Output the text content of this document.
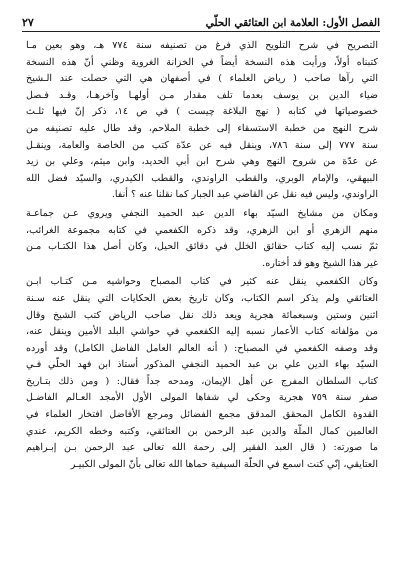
الفصل الأول: العلامة ابن العتائقي الحلّي
٢٧
التصريح في شرح التلويح الذي فرغ من تصنيفه سنة ٧٧٤ هـ، وهو بعين مـا
كتبناه أولاً، ورأيت هذه النسخة أيضاً في الخزانة الغروية وظني أنّ هذه النسخة
التي رآها صاحب ( رياض العلماء ) في أصفهان هي التي حصلت عند الـشيخ
ضياء الدين بن يوسف بعدما تلف مقدار مـن أولهـا وآخرهـا، وقـد فـصل
خصوصياتها في كتابه ( نهج البلاغة چيست ) في ص ١٤، ذكر إنّ فيها ثلـث
شرح النهج من خطبة الاستسقاء إلى خطبة الملاحم، وقد طال عليه تصنيفه من
سنة ٧٧٧ إلى سنة ٧٨٦، وينقل فيه عن عدّة كتب من الخاصة والعامة، وينقـل
عن عدّة من شروح النهج وهي شرح ابن أبي الحديد، وابن ميثم، وعلي بن زيد
البيهقي، والإمام الوبري، والقطب الراوندي، والقطب الكيدري، والسيّد فضل الله
الراوندي، وليس فيه نقل عن القاضي عبد الجبار كما نقلنا عنه ؟ أنفا.
ومكان من مشايخ السيّد بهاء الدين عبد الحميد النجفي ويروي عـن جماعـة
منهم الزهري أو ابن الزهري، وقد ذكره الكفعمي في كتابه مجموعة الغرائب،
ثمّ نسب إليه كتاب حقائق الخلل في دقائق الحيل، وكان أصل هذا الكتـاب مـن
غير هذا الشيخ وهو قد أختاره.
وكان الكفعمي ينقل عنه كثير في كتاب المصباح وحواشيه مـن كتـاب ابـن
العتائقي ولم يذكر اسم الكتاب، وكان تاريخ بعض الحكايات التي ينقل عنه سـنة
اثنين وستين وسبعمائة هجرية ويعد ذلك نقل صاحب الرياض كتب الشيخ وقال
من مؤلفاته كتاب الأعمار نسبه إليه الكفعمي في حواشي البلد الأمين وينقل عنه،
وقد وصفه الكفعمي في المصباح: ( أنه العالم العامل الفاضل الكامل) وقد أورده
السيّد بهاء الدين علي بن عبد الحميد النجفي المذكور أستاذ ابن فهد الحلّي فـي
كتاب السلطان المفرج عن أهل الإيمان، ومدحه جداً فقال: ( ومن ذلك بتـاريخ
صفر سنة ٧٥٩ هجرية وحكى لي شفاها المولى الأول الأمجد العـالم الفاضـل
القدوة الكامل المحقق المدقق مجمع الفضائل ومرجع الأفاضل افتخار العلماء في
العالمين كمال الملّة والدين عبد الرحمن بن العتائقي، وكتبه وخطه الكريم، عندي
ما صورته: ( قال العبد الفقير إلى رحمة الله تعالى عبد الرحمن بـن إبـراهيم
العتايقي، إنّي كنت اسمع في الحلّة السيفية حماها الله تعالى بأنّ المولى الكبيـر
